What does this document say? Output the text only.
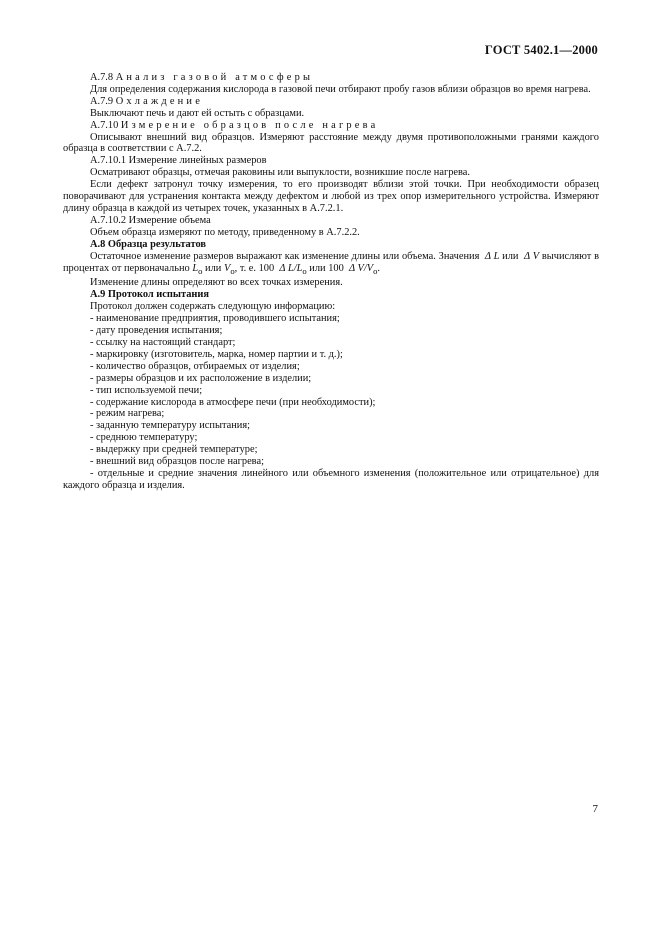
ГОСТ 5402.1—2000

А.7.8 Анализ газовой атмосферы

Для определения содержания кислорода в газовой печи отбирают пробу газов вблизи образцов во время нагрева.

А.7.9 Охлаждение

Выключают печь и дают ей остыть с образцами.

А.7.10 Измерение образцов после нагрева

Описывают внешний вид образцов. Измеряют расстояние между двумя противоположными гранями каждого образца в соответствии с А.7.2.

А.7.10.1 Измерение линейных размеров

Осматривают образцы, отмечая раковины или выпуклости, возникшие после нагрева.

Если дефект затронул точку измерения, то его производят вблизи этой точки. При необходимости образец поворачивают для устранения контакта между дефектом и любой из трех опор измерительного устройства. Измеряют длину образца в каждой из четырех точек, указанных в А.7.2.1.

А.7.10.2 Измерение объема

Объем образца измеряют по методу, приведенному в А.7.2.2.

А.8 Образца результатов

Остаточное изменение размеров выражают как изменение длины или объема. Значения Δ L или Δ V вычисляют в процентах от первоначально $L_o$ или $V_o$, т. е. 100 Δ $L/L_o$ или 100 Δ $V/V_o$.

Изменение длины определяют во всех точках измерения.

А.9 Протокол испытания

Протокол должен содержать следующую информацию:

- наименование предприятия, проводившего испытания;

- дату проведения испытания;

- ссылку на настоящий стандарт;

- маркировку (изготовитель, марка, номер партии и т. д.);

- количество образцов, отбираемых от изделия;

- размеры образцов и их расположение в изделии;

- тип используемой печи;

- содержание кислорода в атмосфере печи (при необходимости);

- режим нагрева;

- заданную температуру испытания;

- среднюю температуру;

- выдержку при средней температуре;

- внешний вид образцов после нагрева;

- отдельные и средние значения линейного или объемного изменения (положительное или отрицательное) для каждого образца и изделия.

7
